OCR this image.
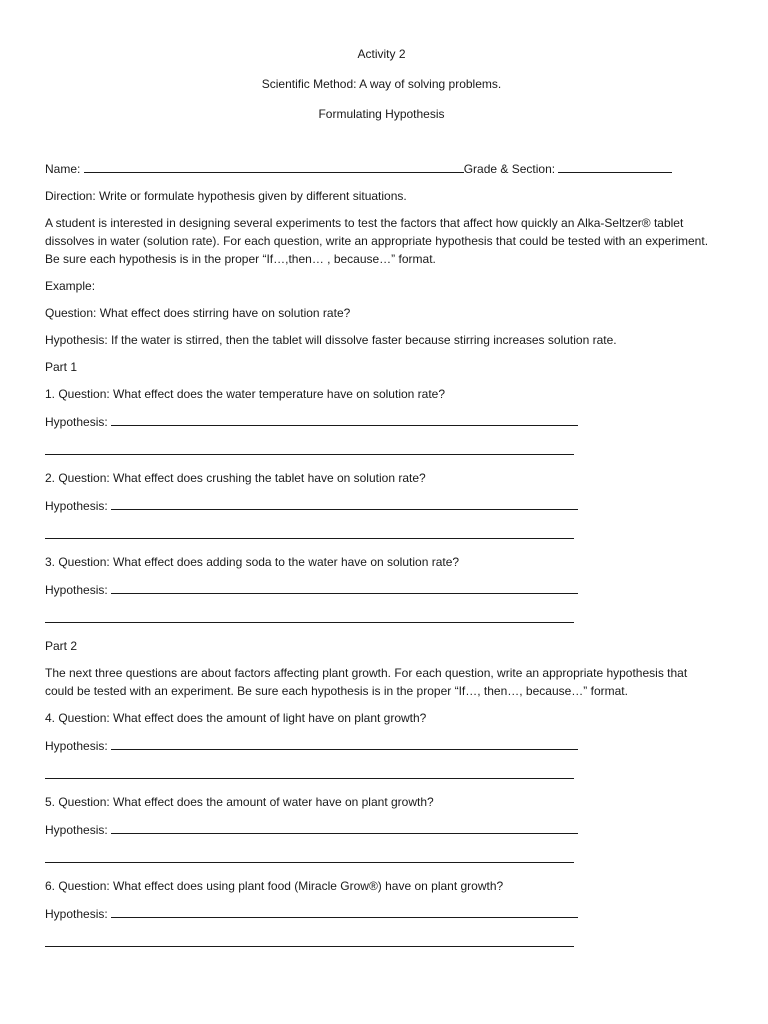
Activity 2

Scientific Method: A way of solving problems.

Formulating Hypothesis

Name:	Grade & Section:

Direction: Write or formulate hypothesis given by different situations.

A student is interested in designing several experiments to test the factors that affect how quickly an Alka-Seltzer® tablet dissolves in water (solution rate). For each question, write an appropriate hypothesis that could be tested with an experiment. Be sure each hypothesis is in the proper “If…,then… , because…” format.

Example:

Question: What effect does stirring have on solution rate?

Hypothesis: If the water is stirred, then the tablet will dissolve faster because stirring increases solution rate.

Part 1

1. Question: What effect does the water temperature have on solution rate?

Hypothesis:

2. Question: What effect does crushing the tablet have on solution rate?

Hypothesis:

3. Question: What effect does adding soda to the water have on solution rate?

Hypothesis:

Part 2

The next three questions are about factors affecting plant growth. For each question, write an appropriate hypothesis that could be tested with an experiment. Be sure each hypothesis is in the proper “If…, then…, because…” format.

4. Question: What effect does the amount of light have on plant growth?

Hypothesis:

5. Question: What effect does the amount of water have on plant growth?

Hypothesis:

6. Question: What effect does using plant food (Miracle Grow®) have on plant growth?

Hypothesis:
